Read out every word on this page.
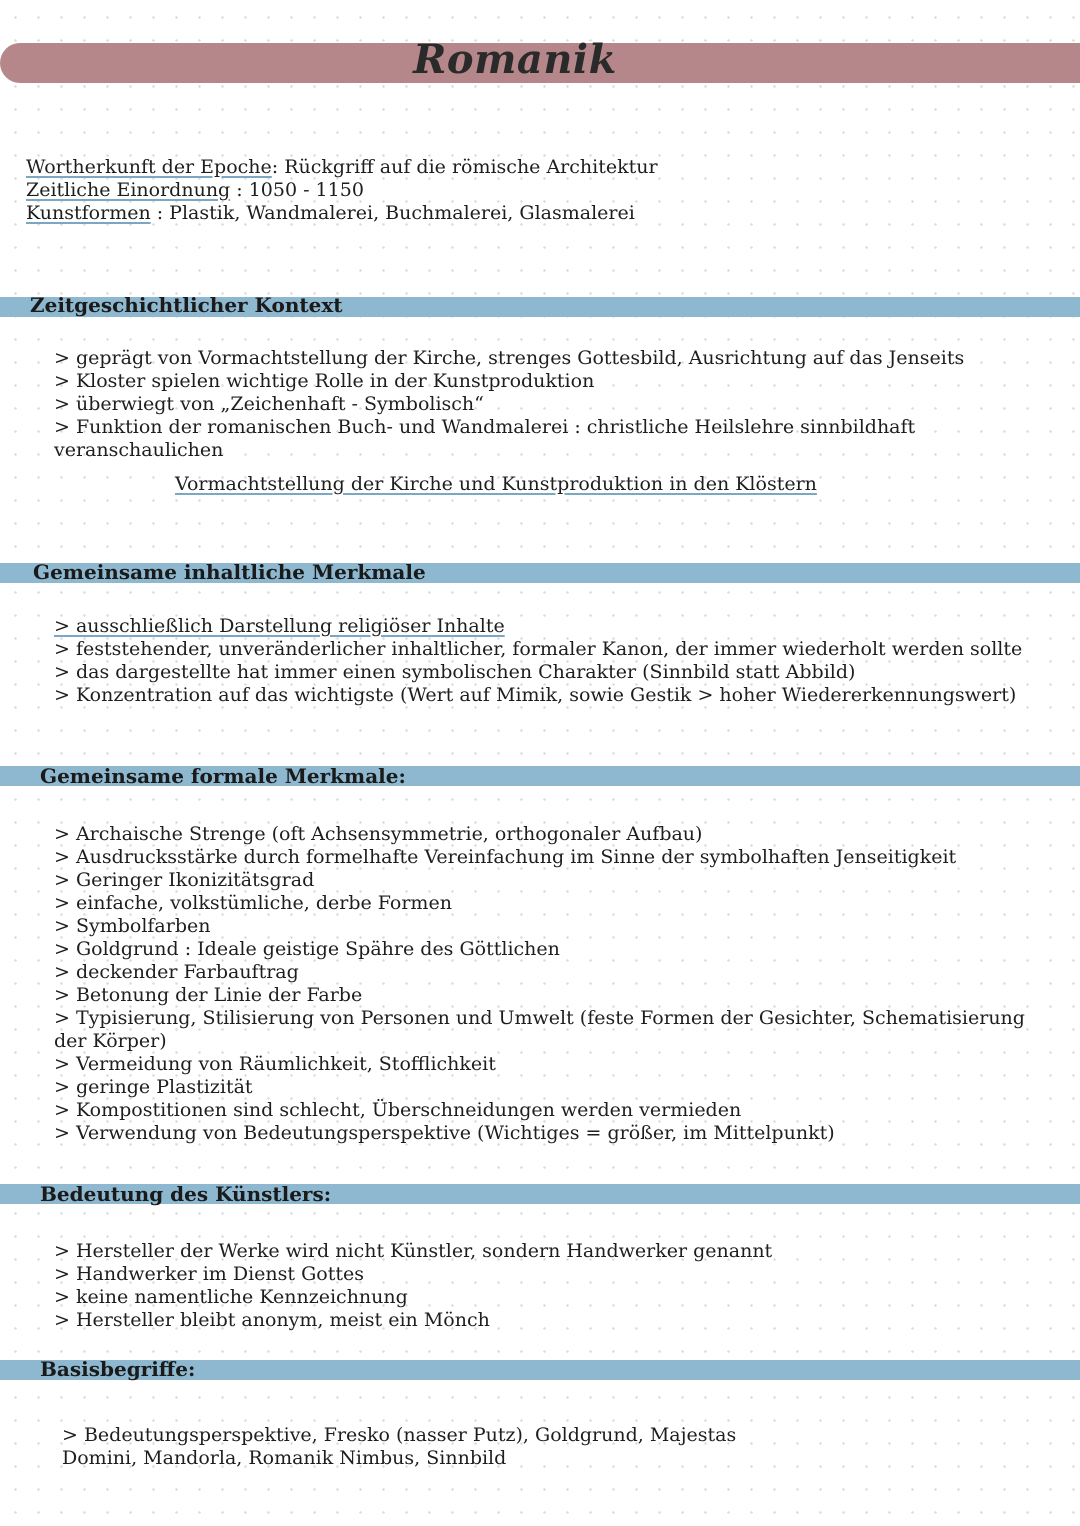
Romanik
Wortherkunft der Epoche: Rückgriff auf die römische Architektur
Zeitliche Einordnung : 1050 - 1150
Kunstformen : Plastik, Wandmalerei, Buchmalerei, Glasmalerei
Zeitgeschichtlicher Kontext
> geprägt von Vormachtstellung der Kirche, strenges Gottesbild, Ausrichtung auf das Jenseits
> Kloster spielen wichtige Rolle in der Kunstproduktion
> überwiegt von „Zeichenhaft - Symbolisch“
> Funktion der romanischen Buch- und Wandmalerei : christliche Heilslehre sinnbildhaft veranschaulichen
Vormachtstellung der Kirche und Kunstproduktion in den Klöstern
Gemeinsame inhaltliche Merkmale
> ausschließlich Darstellung religiöser Inhalte
> feststehender, unveränderlicher inhaltlicher, formaler Kanon, der immer wiederholt werden sollte
> das dargestellte hat immer einen symbolischen Charakter (Sinnbild statt Abbild)
> Konzentration auf das wichtigste (Wert auf Mimik, sowie Gestik > hoher Wiedererkennungswert)
Gemeinsame formale Merkmale:
> Archaische Strenge (oft Achsensymmetrie, orthogonaler Aufbau)
> Ausdrucksstärke durch formelhafte Vereinfachung im Sinne der symbolhaften Jenseitigkeit
> Geringer Ikonizitätsgrad
> einfache, volkstümliche, derbe Formen
> Symbolfarben
> Goldgrund : Ideale geistige Spähre des Göttlichen
> deckender Farbauftrag
> Betonung der Linie der Farbe
> Typisierung, Stilisierung von Personen und Umwelt (feste Formen der Gesichter, Schematisierung der Körper)
> Vermeidung von Räumlichkeit, Stofflichkeit
> geringe Plastizität
> Kompostitionen sind schlecht, Überschneidungen werden vermieden
> Verwendung von Bedeutungsperspektive (Wichtiges = größer, im Mittelpunkt)
Bedeutung des Künstlers:
> Hersteller der Werke wird nicht Künstler, sondern Handwerker genannt
> Handwerker im Dienst Gottes
> keine namentliche Kennzeichnung
> Hersteller bleibt anonym, meist ein Mönch
Basisbegriffe:
> Bedeutungsperspektive, Fresko (nasser Putz), Goldgrund, Majestas Domini, Mandorla, Romanik Nimbus, Sinnbild
